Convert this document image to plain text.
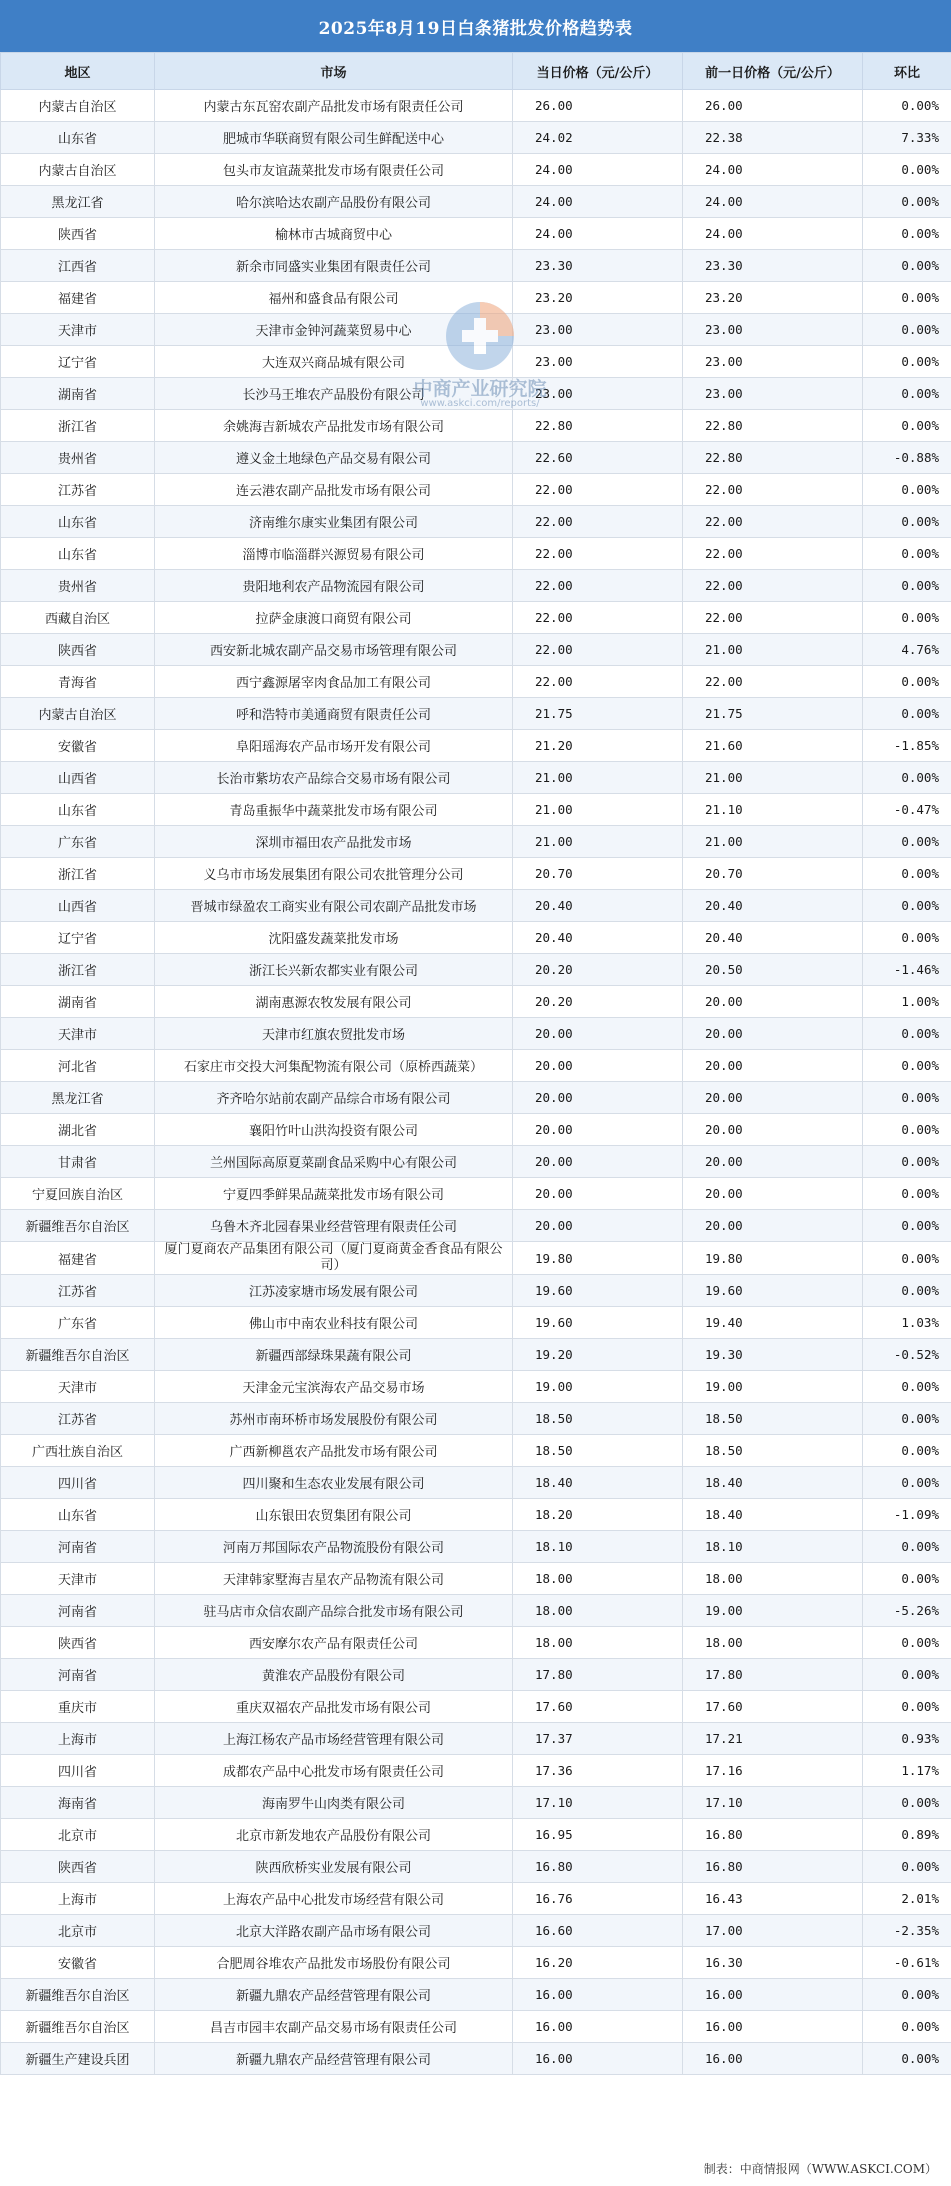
2025年8月19日白条猪批发价格趋势表
地区	市场	当日价格（元/公斤）	前一日价格（元/公斤）	环比
内蒙古自治区	内蒙古东瓦窑农副产品批发市场有限责任公司	26.00	26.00	0.00%
山东省	肥城市华联商贸有限公司生鲜配送中心	24.02	22.38	7.33%
内蒙古自治区	包头市友谊蔬菜批发市场有限责任公司	24.00	24.00	0.00%
黑龙江省	哈尔滨哈达农副产品股份有限公司	24.00	24.00	0.00%
陕西省	榆林市古城商贸中心	24.00	24.00	0.00%
江西省	新余市同盛实业集团有限责任公司	23.30	23.30	0.00%
福建省	福州和盛食品有限公司	23.20	23.20	0.00%
天津市	天津市金钟河蔬菜贸易中心	23.00	23.00	0.00%
辽宁省	大连双兴商品城有限公司	23.00	23.00	0.00%
湖南省	长沙马王堆农产品股份有限公司	23.00	23.00	0.00%
浙江省	余姚海吉新城农产品批发市场有限公司	22.80	22.80	0.00%
贵州省	遵义金土地绿色产品交易有限公司	22.60	22.80	-0.88%
江苏省	连云港农副产品批发市场有限公司	22.00	22.00	0.00%
山东省	济南维尔康实业集团有限公司	22.00	22.00	0.00%
山东省	淄博市临淄群兴源贸易有限公司	22.00	22.00	0.00%
贵州省	贵阳地利农产品物流园有限公司	22.00	22.00	0.00%
西藏自治区	拉萨金康渡口商贸有限公司	22.00	22.00	0.00%
陕西省	西安新北城农副产品交易市场管理有限公司	22.00	21.00	4.76%
青海省	西宁鑫源屠宰肉食品加工有限公司	22.00	22.00	0.00%
内蒙古自治区	呼和浩特市美通商贸有限责任公司	21.75	21.75	0.00%
安徽省	阜阳瑶海农产品市场开发有限公司	21.20	21.60	-1.85%
山西省	长治市紫坊农产品综合交易市场有限公司	21.00	21.00	0.00%
山东省	青岛重振华中蔬菜批发市场有限公司	21.00	21.10	-0.47%
广东省	深圳市福田农产品批发市场	21.00	21.00	0.00%
浙江省	义乌市市场发展集团有限公司农批管理分公司	20.70	20.70	0.00%
山西省	晋城市绿盈农工商实业有限公司农副产品批发市场	20.40	20.40	0.00%
辽宁省	沈阳盛发蔬菜批发市场	20.40	20.40	0.00%
浙江省	浙江长兴新农都实业有限公司	20.20	20.50	-1.46%
湖南省	湖南惠源农牧发展有限公司	20.20	20.00	1.00%
天津市	天津市红旗农贸批发市场	20.00	20.00	0.00%
河北省	石家庄市交投大河集配物流有限公司（原桥西蔬菜）	20.00	20.00	0.00%
黑龙江省	齐齐哈尔站前农副产品综合市场有限公司	20.00	20.00	0.00%
湖北省	襄阳竹叶山洪沟投资有限公司	20.00	20.00	0.00%
甘肃省	兰州国际高原夏菜副食品采购中心有限公司	20.00	20.00	0.00%
宁夏回族自治区	宁夏四季鲜果品蔬菜批发市场有限公司	20.00	20.00	0.00%
新疆维吾尔自治区	乌鲁木齐北园春果业经营管理有限责任公司	20.00	20.00	0.00%
福建省	厦门夏商农产品集团有限公司（厦门夏商黄金香食品有限公司）	19.80	19.80	0.00%
江苏省	江苏凌家塘市场发展有限公司	19.60	19.60	0.00%
广东省	佛山市中南农业科技有限公司	19.60	19.40	1.03%
新疆维吾尔自治区	新疆西部绿珠果蔬有限公司	19.20	19.30	-0.52%
天津市	天津金元宝滨海农产品交易市场	19.00	19.00	0.00%
江苏省	苏州市南环桥市场发展股份有限公司	18.50	18.50	0.00%
广西壮族自治区	广西新柳邕农产品批发市场有限公司	18.50	18.50	0.00%
四川省	四川聚和生态农业发展有限公司	18.40	18.40	0.00%
山东省	山东银田农贸集团有限公司	18.20	18.40	-1.09%
河南省	河南万邦国际农产品物流股份有限公司	18.10	18.10	0.00%
天津市	天津韩家墅海吉星农产品物流有限公司	18.00	18.00	0.00%
河南省	驻马店市众信农副产品综合批发市场有限公司	18.00	19.00	-5.26%
陕西省	西安摩尔农产品有限责任公司	18.00	18.00	0.00%
河南省	黄淮农产品股份有限公司	17.80	17.80	0.00%
重庆市	重庆双福农产品批发市场有限公司	17.60	17.60	0.00%
上海市	上海江杨农产品市场经营管理有限公司	17.37	17.21	0.93%
四川省	成都农产品中心批发市场有限责任公司	17.36	17.16	1.17%
海南省	海南罗牛山肉类有限公司	17.10	17.10	0.00%
北京市	北京市新发地农产品股份有限公司	16.95	16.80	0.89%
陕西省	陕西欣桥实业发展有限公司	16.80	16.80	0.00%
上海市	上海农产品中心批发市场经营有限公司	16.76	16.43	2.01%
北京市	北京大洋路农副产品市场有限公司	16.60	17.00	-2.35%
安徽省	合肥周谷堆农产品批发市场股份有限公司	16.20	16.30	-0.61%
新疆维吾尔自治区	新疆九鼎农产品经营管理有限公司	16.00	16.00	0.00%
新疆维吾尔自治区	昌吉市园丰农副产品交易市场有限责任公司	16.00	16.00	0.00%
新疆生产建设兵团	新疆九鼎农产品经营管理有限公司	16.00	16.00	0.00%
中商产业研究院
www.askci.com/reports/
制表：中商情报网（WWW.ASKCI.COM）
